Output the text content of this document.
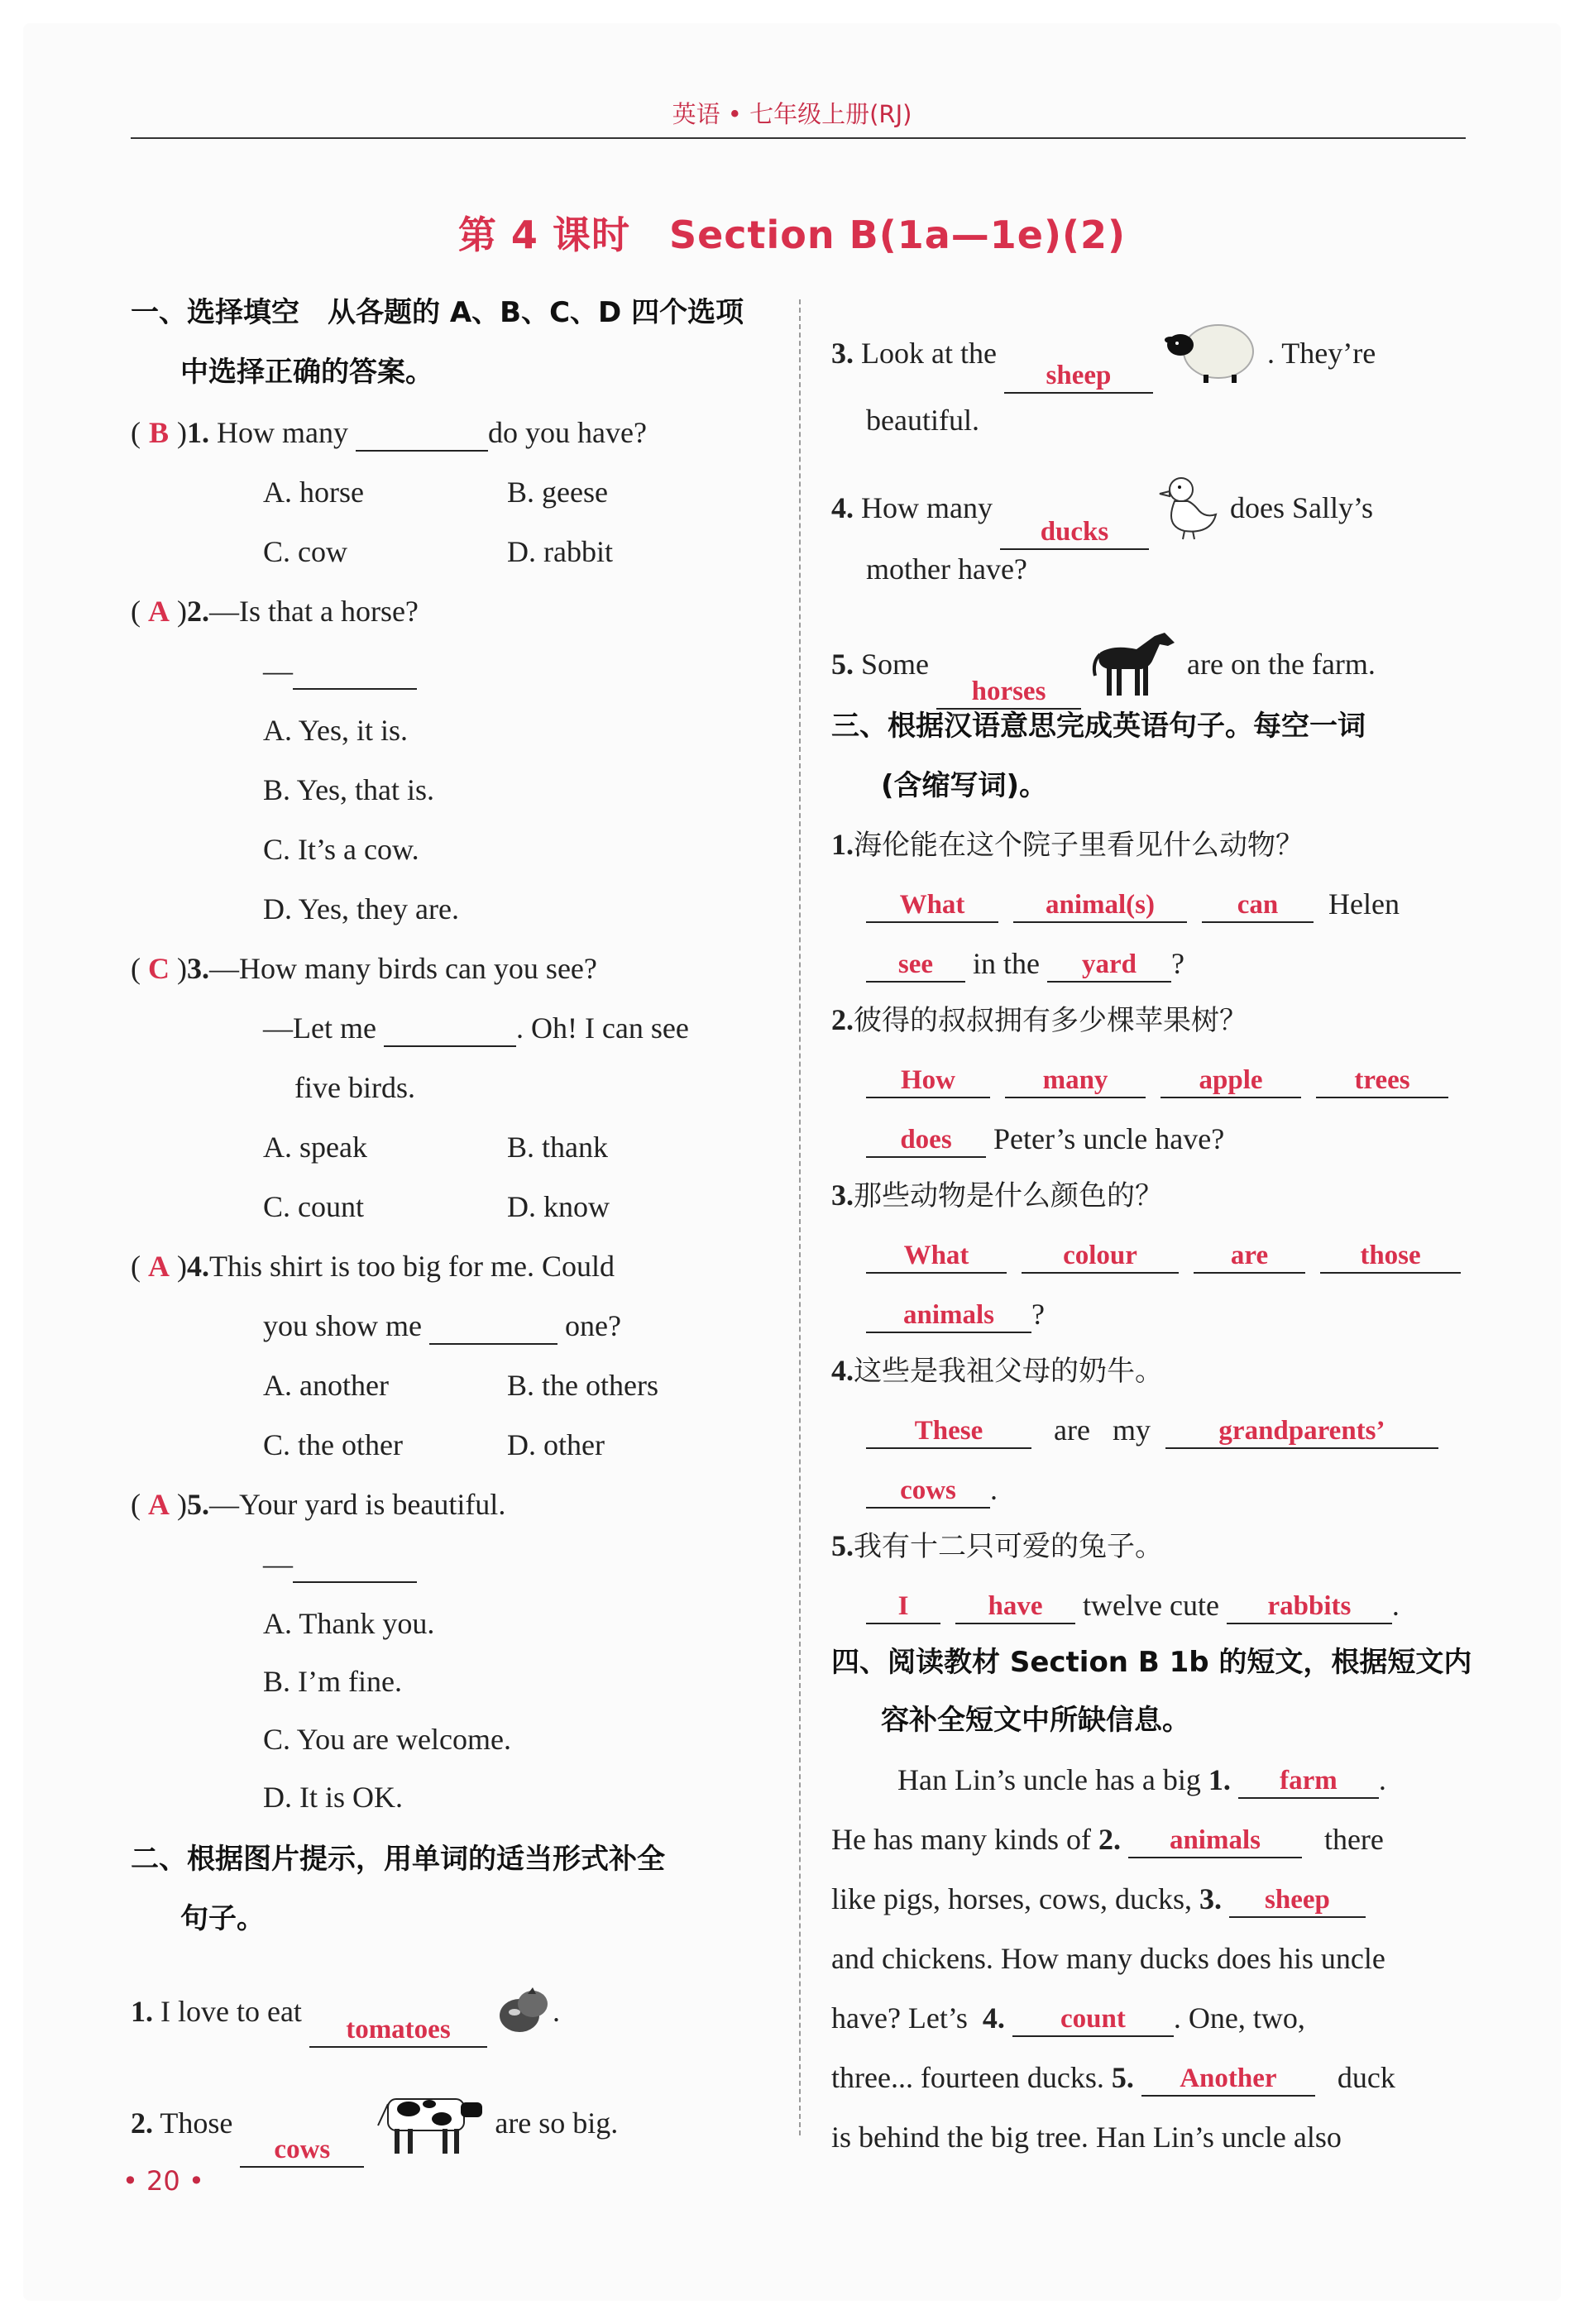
英语 • 七年级上册(RJ)
第 4 课时　Section B(1a—1e)(2)
一、选择填空　从各题的 A、B、C、D 四个选项
中选择正确的答案。
( B )1. How many	do you have?
A. horse	B. geese
C. cow	D. rabbit
( A )2.—Is that a horse?
—
A. Yes, it is.
B. Yes, that is.
C. It’s a cow.
D. Yes, they are.
( C )3.—How many birds can you see?
—Let me	. Oh! I can see
five birds.
A. speak	B. thank
C. count	D. know
( A )4.This shirt is too big for me. Could
you show me	one?
A. another	B. the others
C. the other	D. other
( A )5.—Your yard is beautiful.
—
A. Thank you.
B. I’m fine.
C. You are welcome.
D. It is OK.
二、根据图片提示，用单词的适当形式补全
句子。
1. I love to eat tomatoes .
2. Those cows  are so big.
3. Look at the sheep  . They’re
beautiful.
4. How many ducks  does Sally’s
mother have?
5. Some horses  are on the farm.
三、根据汉语意思完成英语句子。每空一词
(含缩写词)。
1.海伦能在这个院子里看见什么动物？
What	animal(s)	can Helen
see in the yard ?
2.彼得的叔叔拥有多少棵苹果树？
How	many	apple	trees
does Peter’s uncle have?
3.那些动物是什么颜色的？
What	colour	are	those
animals ?
4.这些是我祖父母的奶牛。
These are my grandparents’
cows .
5.我有十二只可爱的兔子。
I	have twelve cute rabbits .
四、阅读教材 Section B 1b 的短文，根据短文内
容补全短文中所缺信息。
Han Lin’s uncle has a big 1. farm .
He has many kinds of 2. animals there
like pigs, horses, cows, ducks, 3. sheep
and chickens. How many ducks does his uncle
have? Let’s 4. count . One, two,
three... fourteen ducks. 5. Another duck
is behind the big tree. Han Lin’s uncle also
• 20 •
